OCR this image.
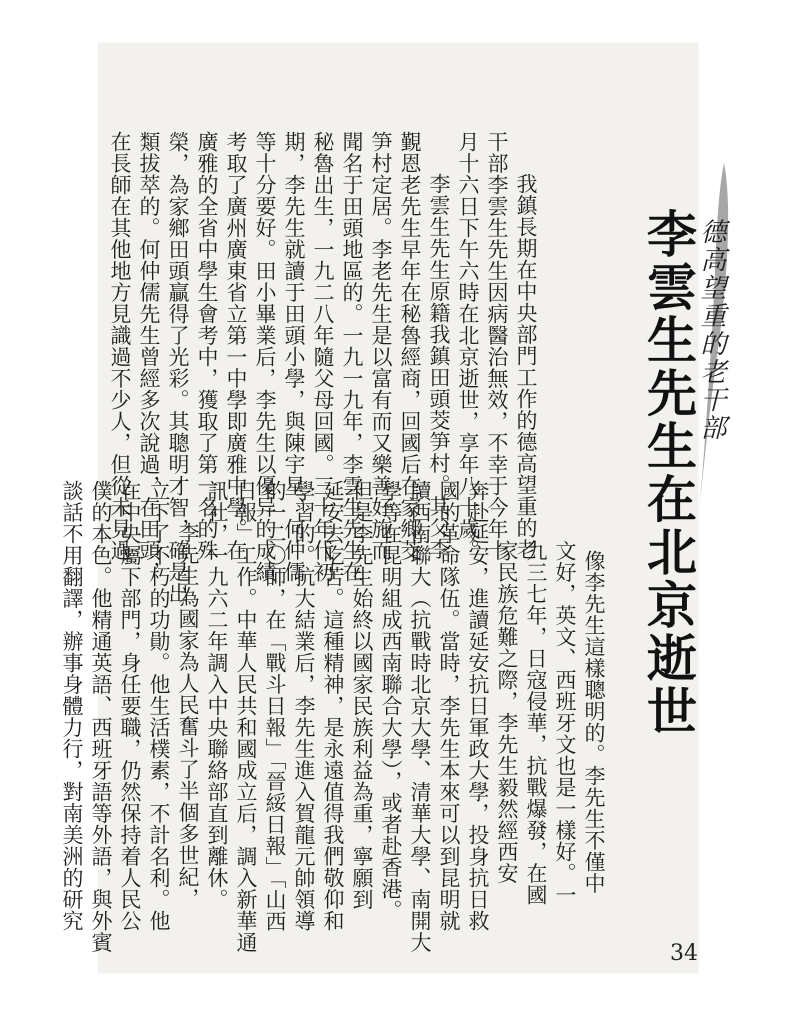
德高望重的老干部
李雲生先生在北京逝世
我鎮長期在中央部門工作的德高望重的老
干部李雲生先生因病醫治無效，不幸于今年十
月十六日下午六時在北京逝世，享年八十歲。
李雲生先生原籍我鎮田頭茭笋村。其父李
覲恩老先生早年在秘魯經商，回國后在家鄉茭
笋村定居。李老先生是以富有而又樂善好施而
聞名于田頭地區的。一九一九年，李雲生先生在
秘魯出生，一九二八年隨父母回國。三十年代初
期，李先生就讀于田頭小學，與陳宇星、何仲儒
等十分要好。田小畢業后，李先生以優异的成績
考取了廣州廣東省立第一中學即廣雅中學。在
廣雅的全省中學生會考中，獲取了第一名的殊
榮，為家鄉田頭贏得了光彩。其聰明才智，確是出
類拔萃的。何仲儒先生曾經多次說過，在田頭，
在長師在其他地方見識過不少人，但從未見過
像李先生這樣聰明的。李先生不僅中
文好，英文、西班牙文也是一樣好。一
九三七年，日寇侵華，抗戰爆發，在國
家民族危難之際，李先生毅然經西安
奔赴延安，進讀延安抗日軍政大學，投身抗日救
國的革命隊伍。當時，李先生本來可以到昆明就
讀西南聯大（抗戰時北京大學、清華大學、南開大
學等在昆明組成西南聯合大學），或者赴香港。
但是李先生始終以國家民族利益為重，寧願到
延安去吃苦。這種精神，是永遠值得我們敬仰和
學習的。抗大結業后，李先生進入賀龍元帥領導
的一二〇師，在「戰斗日報」「晉綏日報」「山西
日報」工作。中華人民共和國成立后，調入新華通
訊社，一九六二年調入中央聯絡部直到離休。
李先生為國家為人民奮斗了半個多世紀，
立下了不朽的功勛。他生活樸素，不計名利。他
在中央屬下部門，身任要職，仍然保持着人民公
僕的本色。他精通英語、西班牙語等外語，與外賓
談話不用翻譯，辦事身體力行，對南美洲的研究
34
